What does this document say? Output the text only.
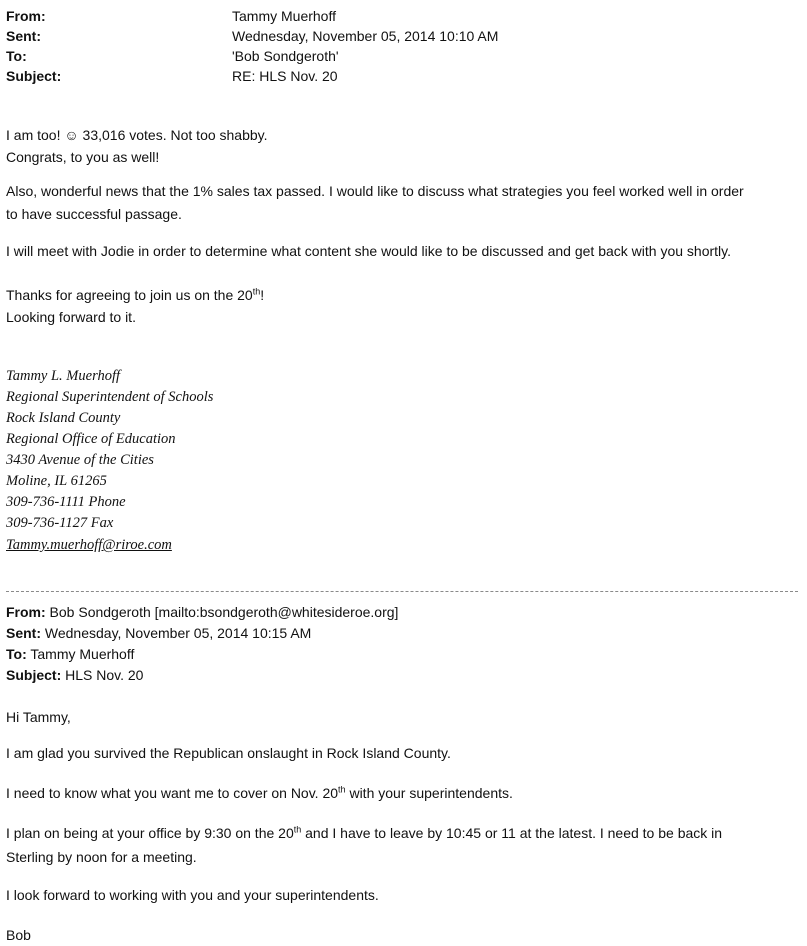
From:	Tammy Muerhoff
Sent:	Wednesday, November 05, 2014 10:10 AM
To:	'Bob Sondgeroth'
Subject:	RE: HLS Nov. 20
I am too! ☺ 33,016 votes. Not too shabby.
Congrats, to you as well!
Also, wonderful news that the 1% sales tax passed. I would like to discuss what strategies you feel worked well in order
to have successful passage.
I will meet with Jodie in order to determine what content she would like to be discussed and get back with you shortly.
Thanks for agreeing to join us on the 20th!
Looking forward to it.
Tammy L. Muerhoff
Regional Superintendent of Schools
Rock Island County
Regional Office of Education
3430 Avenue of the Cities
Moline, IL 61265
309-736-1111 Phone
309-736-1127 Fax
Tammy.muerhoff@riroe.com
From: Bob Sondgeroth [mailto:bsondgeroth@whitesideroe.org]
Sent: Wednesday, November 05, 2014 10:15 AM
To: Tammy Muerhoff
Subject: HLS Nov. 20
Hi Tammy,
I am glad you survived the Republican onslaught in Rock Island County.
I need to know what you want me to cover on Nov. 20th with your superintendents.
I plan on being at your office by 9:30 on the 20th and I have to leave by 10:45 or 11 at the latest. I need to be back in
Sterling by noon for a meeting.
I look forward to working with you and your superintendents.
Bob
